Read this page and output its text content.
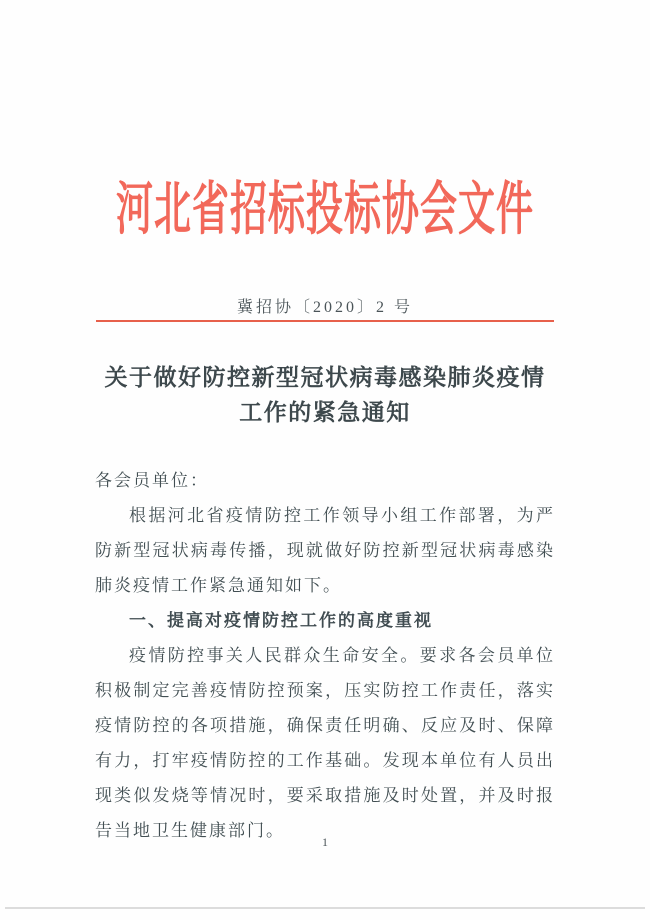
河北省招标投标协会文件
冀招协〔2020〕2 号
关于做好防控新型冠状病毒感染肺炎疫情
工作的紧急通知

各会员单位：

根据河北省疫情防控工作领导小组工作部署，为严防新型冠状病毒传播，现就做好防控新型冠状病毒感染肺炎疫情工作紧急通知如下。

一、提高对疫情防控工作的高度重视

疫情防控事关人民群众生命安全。要求各会员单位积极制定完善疫情防控预案，压实防控工作责任，落实疫情防控的各项措施，确保责任明确、反应及时、保障有力，打牢疫情防控的工作基础。发现本单位有人员出现类似发烧等情况时，要采取措施及时处置，并及时报告当地卫生健康部门。

1
